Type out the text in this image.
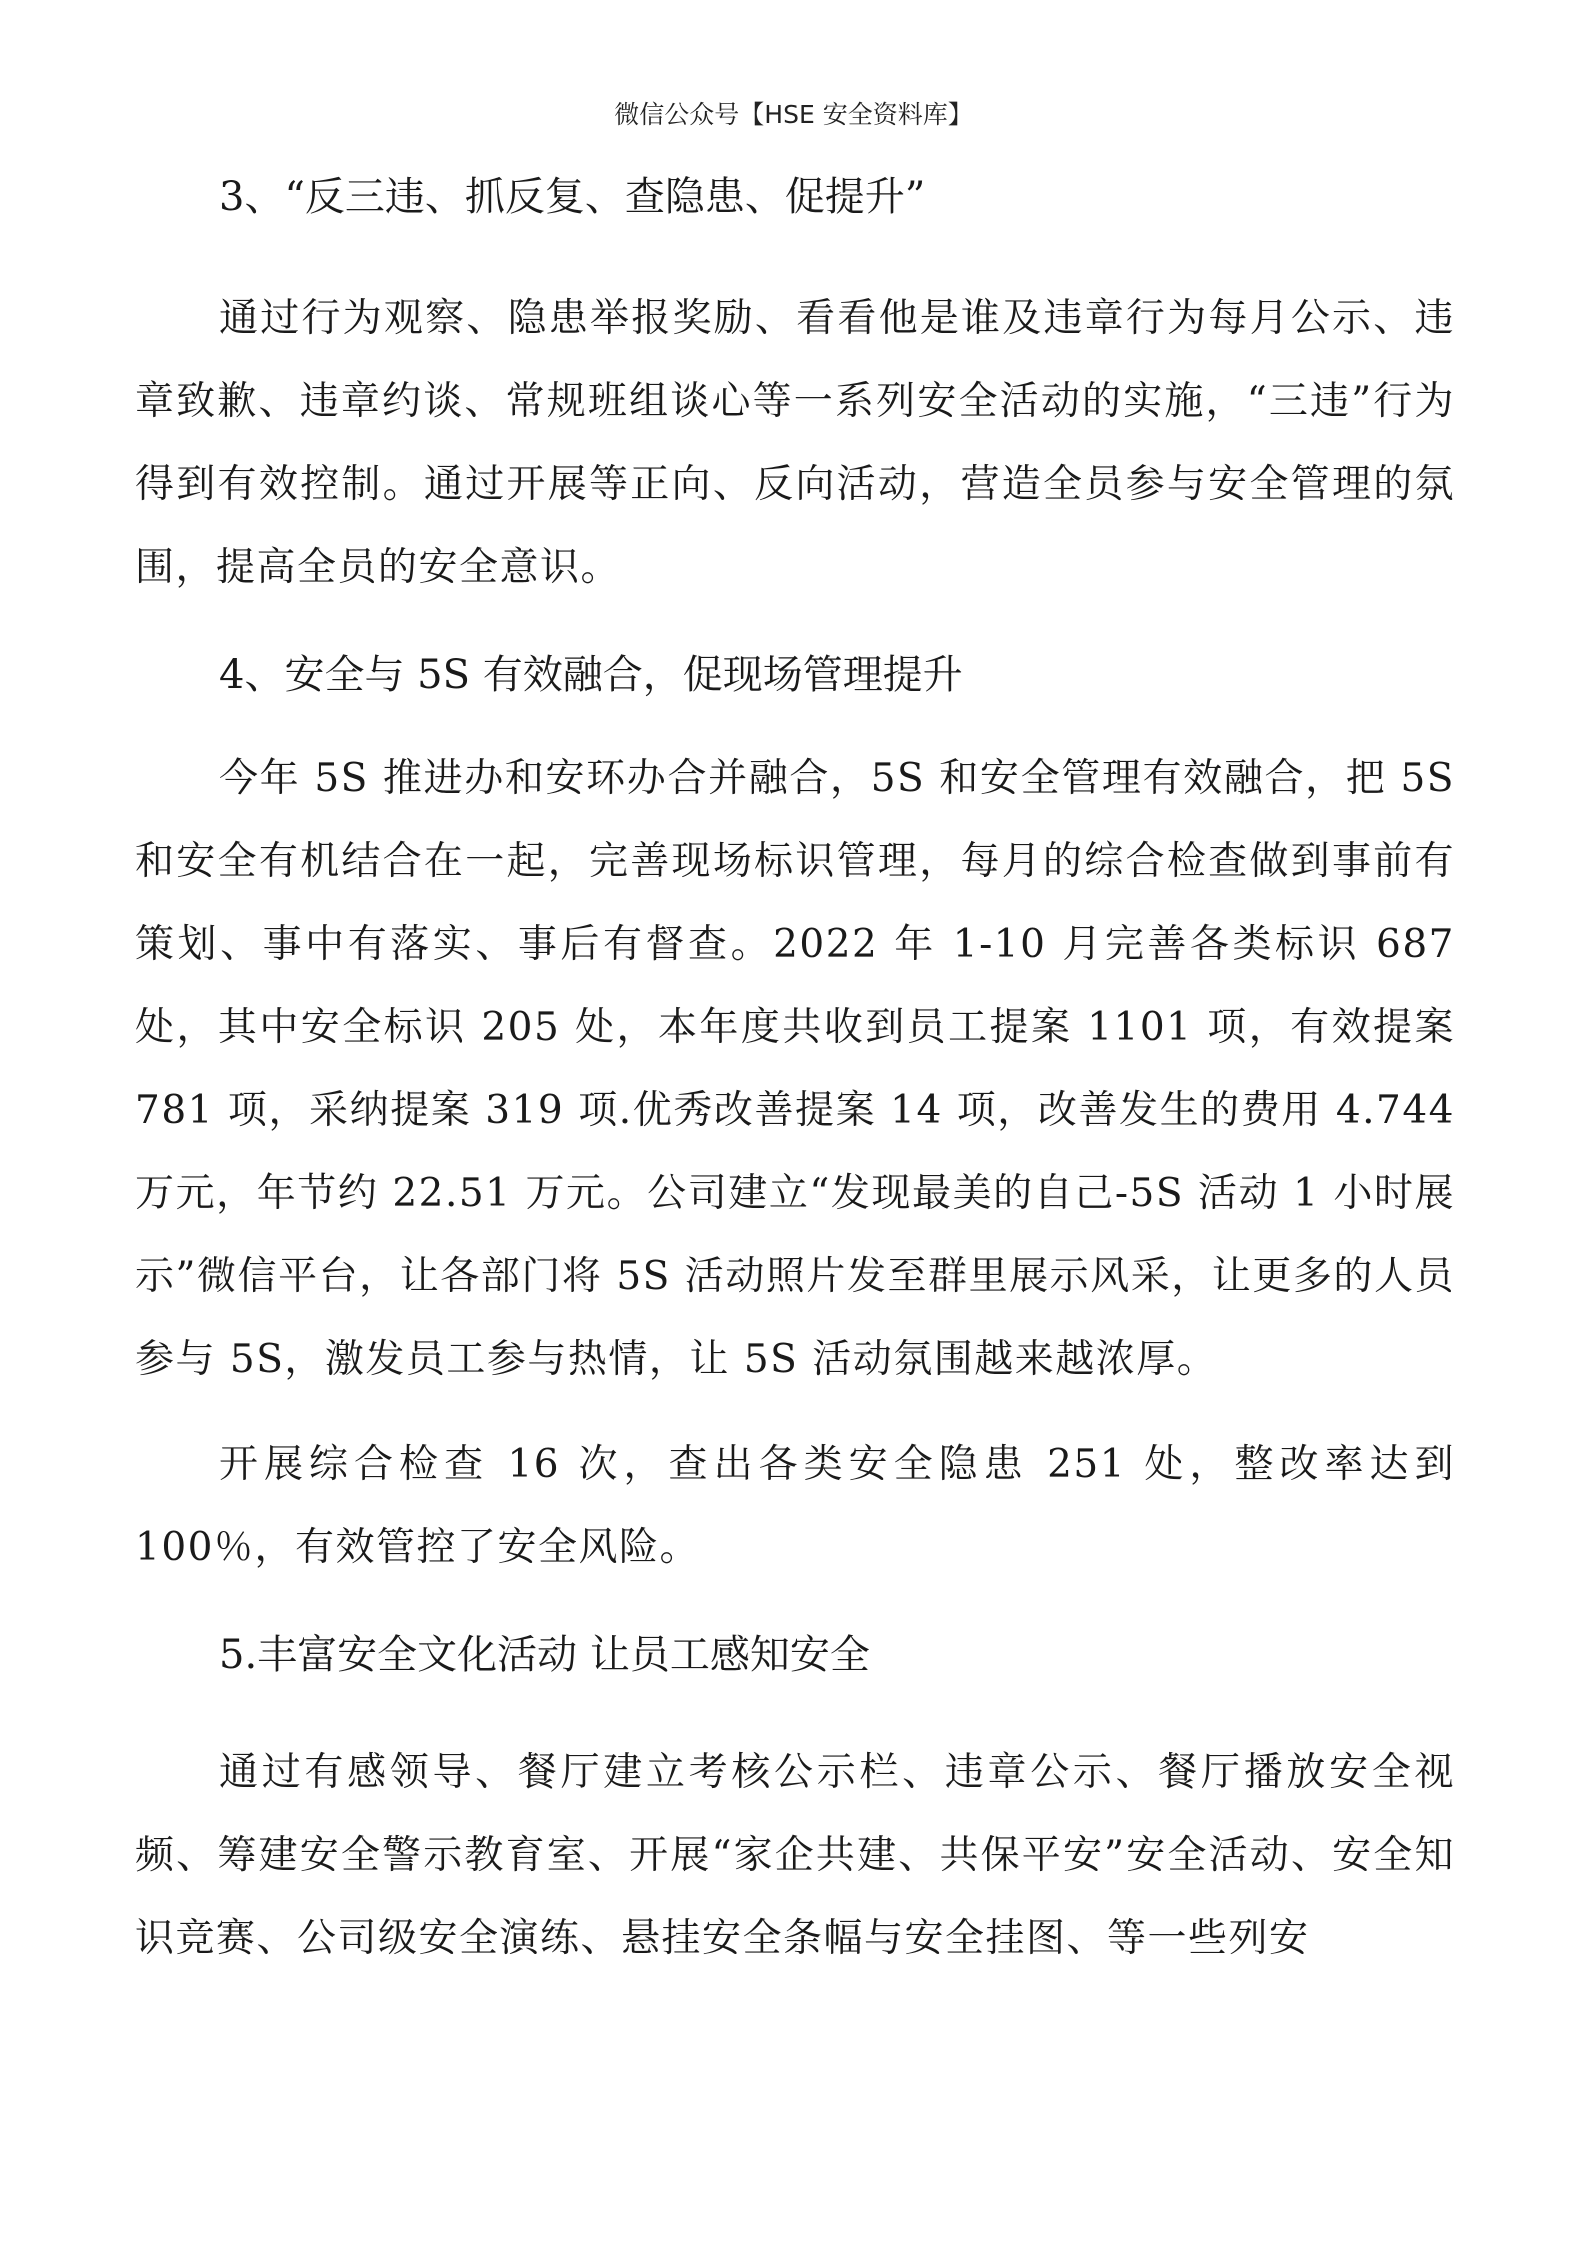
微信公众号【HSE 安全资料库】
3、“反三违、抓反复、查隐患、促提升”

通过行为观察、隐患举报奖励、看看他是谁及违章行为每月公示、违章致歉、违章约谈、常规班组谈心等一系列安全活动的实施，“三违”行为得到有效控制。通过开展等正向、反向活动，营造全员参与安全管理的氛围，提高全员的安全意识。

4、安全与 5S 有效融合，促现场管理提升

今年 5S 推进办和安环办合并融合，5S 和安全管理有效融合，把 5S 和安全有机结合在一起，完善现场标识管理，每月的综合检查做到事前有策划、事中有落实、事后有督查。2022 年 1-10 月完善各类标识 687 处，其中安全标识 205 处，本年度共收到员工提案 1101 项，有效提案 781 项，采纳提案 319 项.优秀改善提案 14 项，改善发生的费用 4.744 万元，年节约 22.51 万元。公司建立“发现最美的自己-5S 活动 1 小时展示”微信平台，让各部门将 5S 活动照片发至群里展示风采，让更多的人员参与 5S，激发员工参与热情，让 5S 活动氛围越来越浓厚。

开展综合检查 16 次，查出各类安全隐患 251 处，整改率达到 100％，有效管控了安全风险。

5.丰富安全文化活动 让员工感知安全

通过有感领导、餐厅建立考核公示栏、违章公示、餐厅播放安全视频、筹建安全警示教育室、开展“家企共建、共保平安”安全活动、安全知识竞赛、公司级安全演练、悬挂安全条幅与安全挂图、等一些列安
